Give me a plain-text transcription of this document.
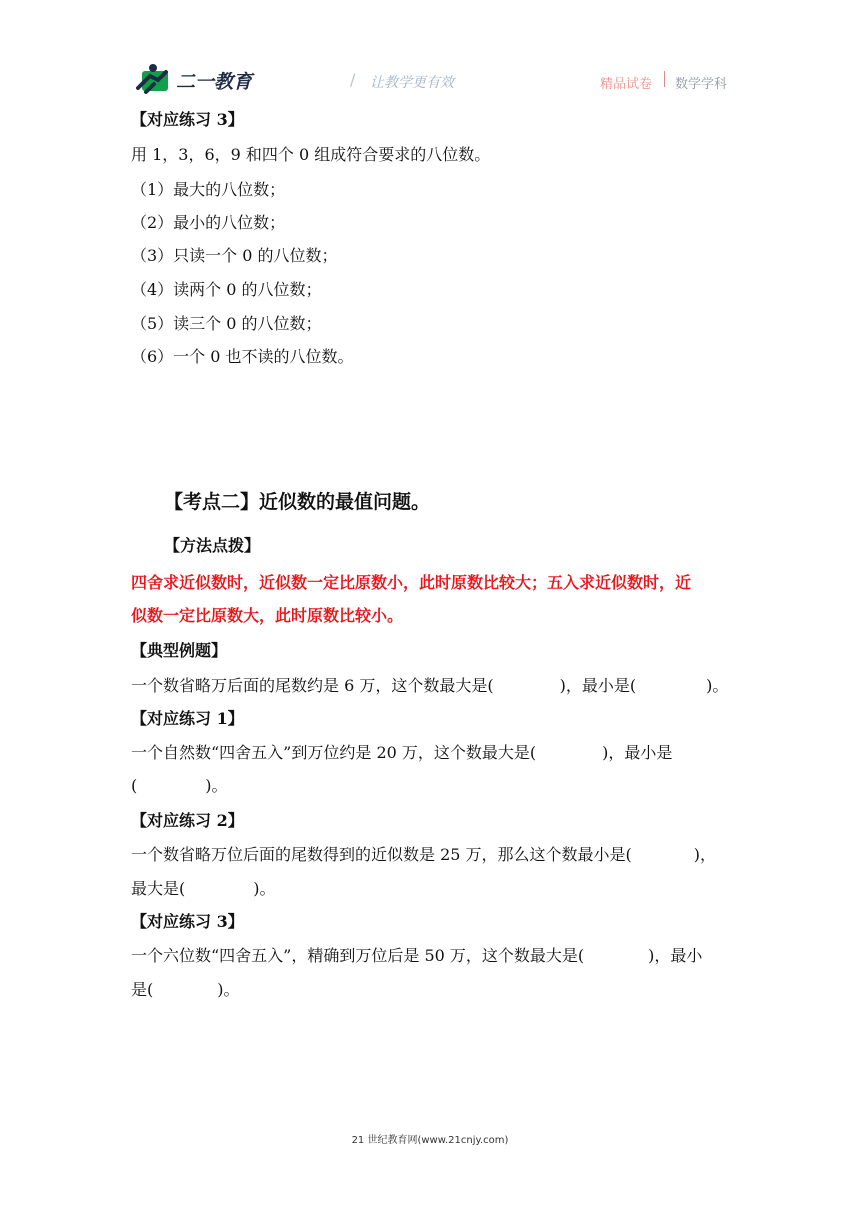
二一教育	/ 让教学更有效	精品试卷 数学学科
【对应练习 3】
用 1，3，6，9 和四个 0 组成符合要求的八位数。
（1）最大的八位数；
（2）最小的八位数；
（3）只读一个 0 的八位数；
（4）读两个 0 的八位数；
（5）读三个 0 的八位数；
（6）一个 0 也不读的八位数。
【考点二】近似数的最值问题。
【方法点拨】
四舍求近似数时，近似数一定比原数小，此时原数比较大；五入求近似数时，近
似数一定比原数大，此时原数比较小。
【典型例题】
一个数省略万后面的尾数约是 6 万，这个数最大是(	)，最小是(	)。
【对应练习 1】
一个自然数“四舍五入”到万位约是 20 万，这个数最大是(	)，最小是
(	)。
【对应练习 2】
一个数省略万位后面的尾数得到的近似数是 25 万，那么这个数最小是(	)，
最大是(	)。
【对应练习 3】
一个六位数“四舍五入”，精确到万位后是 50 万，这个数最大是(	)，最小
是(	)。
21 世纪教育网(www.21cnjy.com)
